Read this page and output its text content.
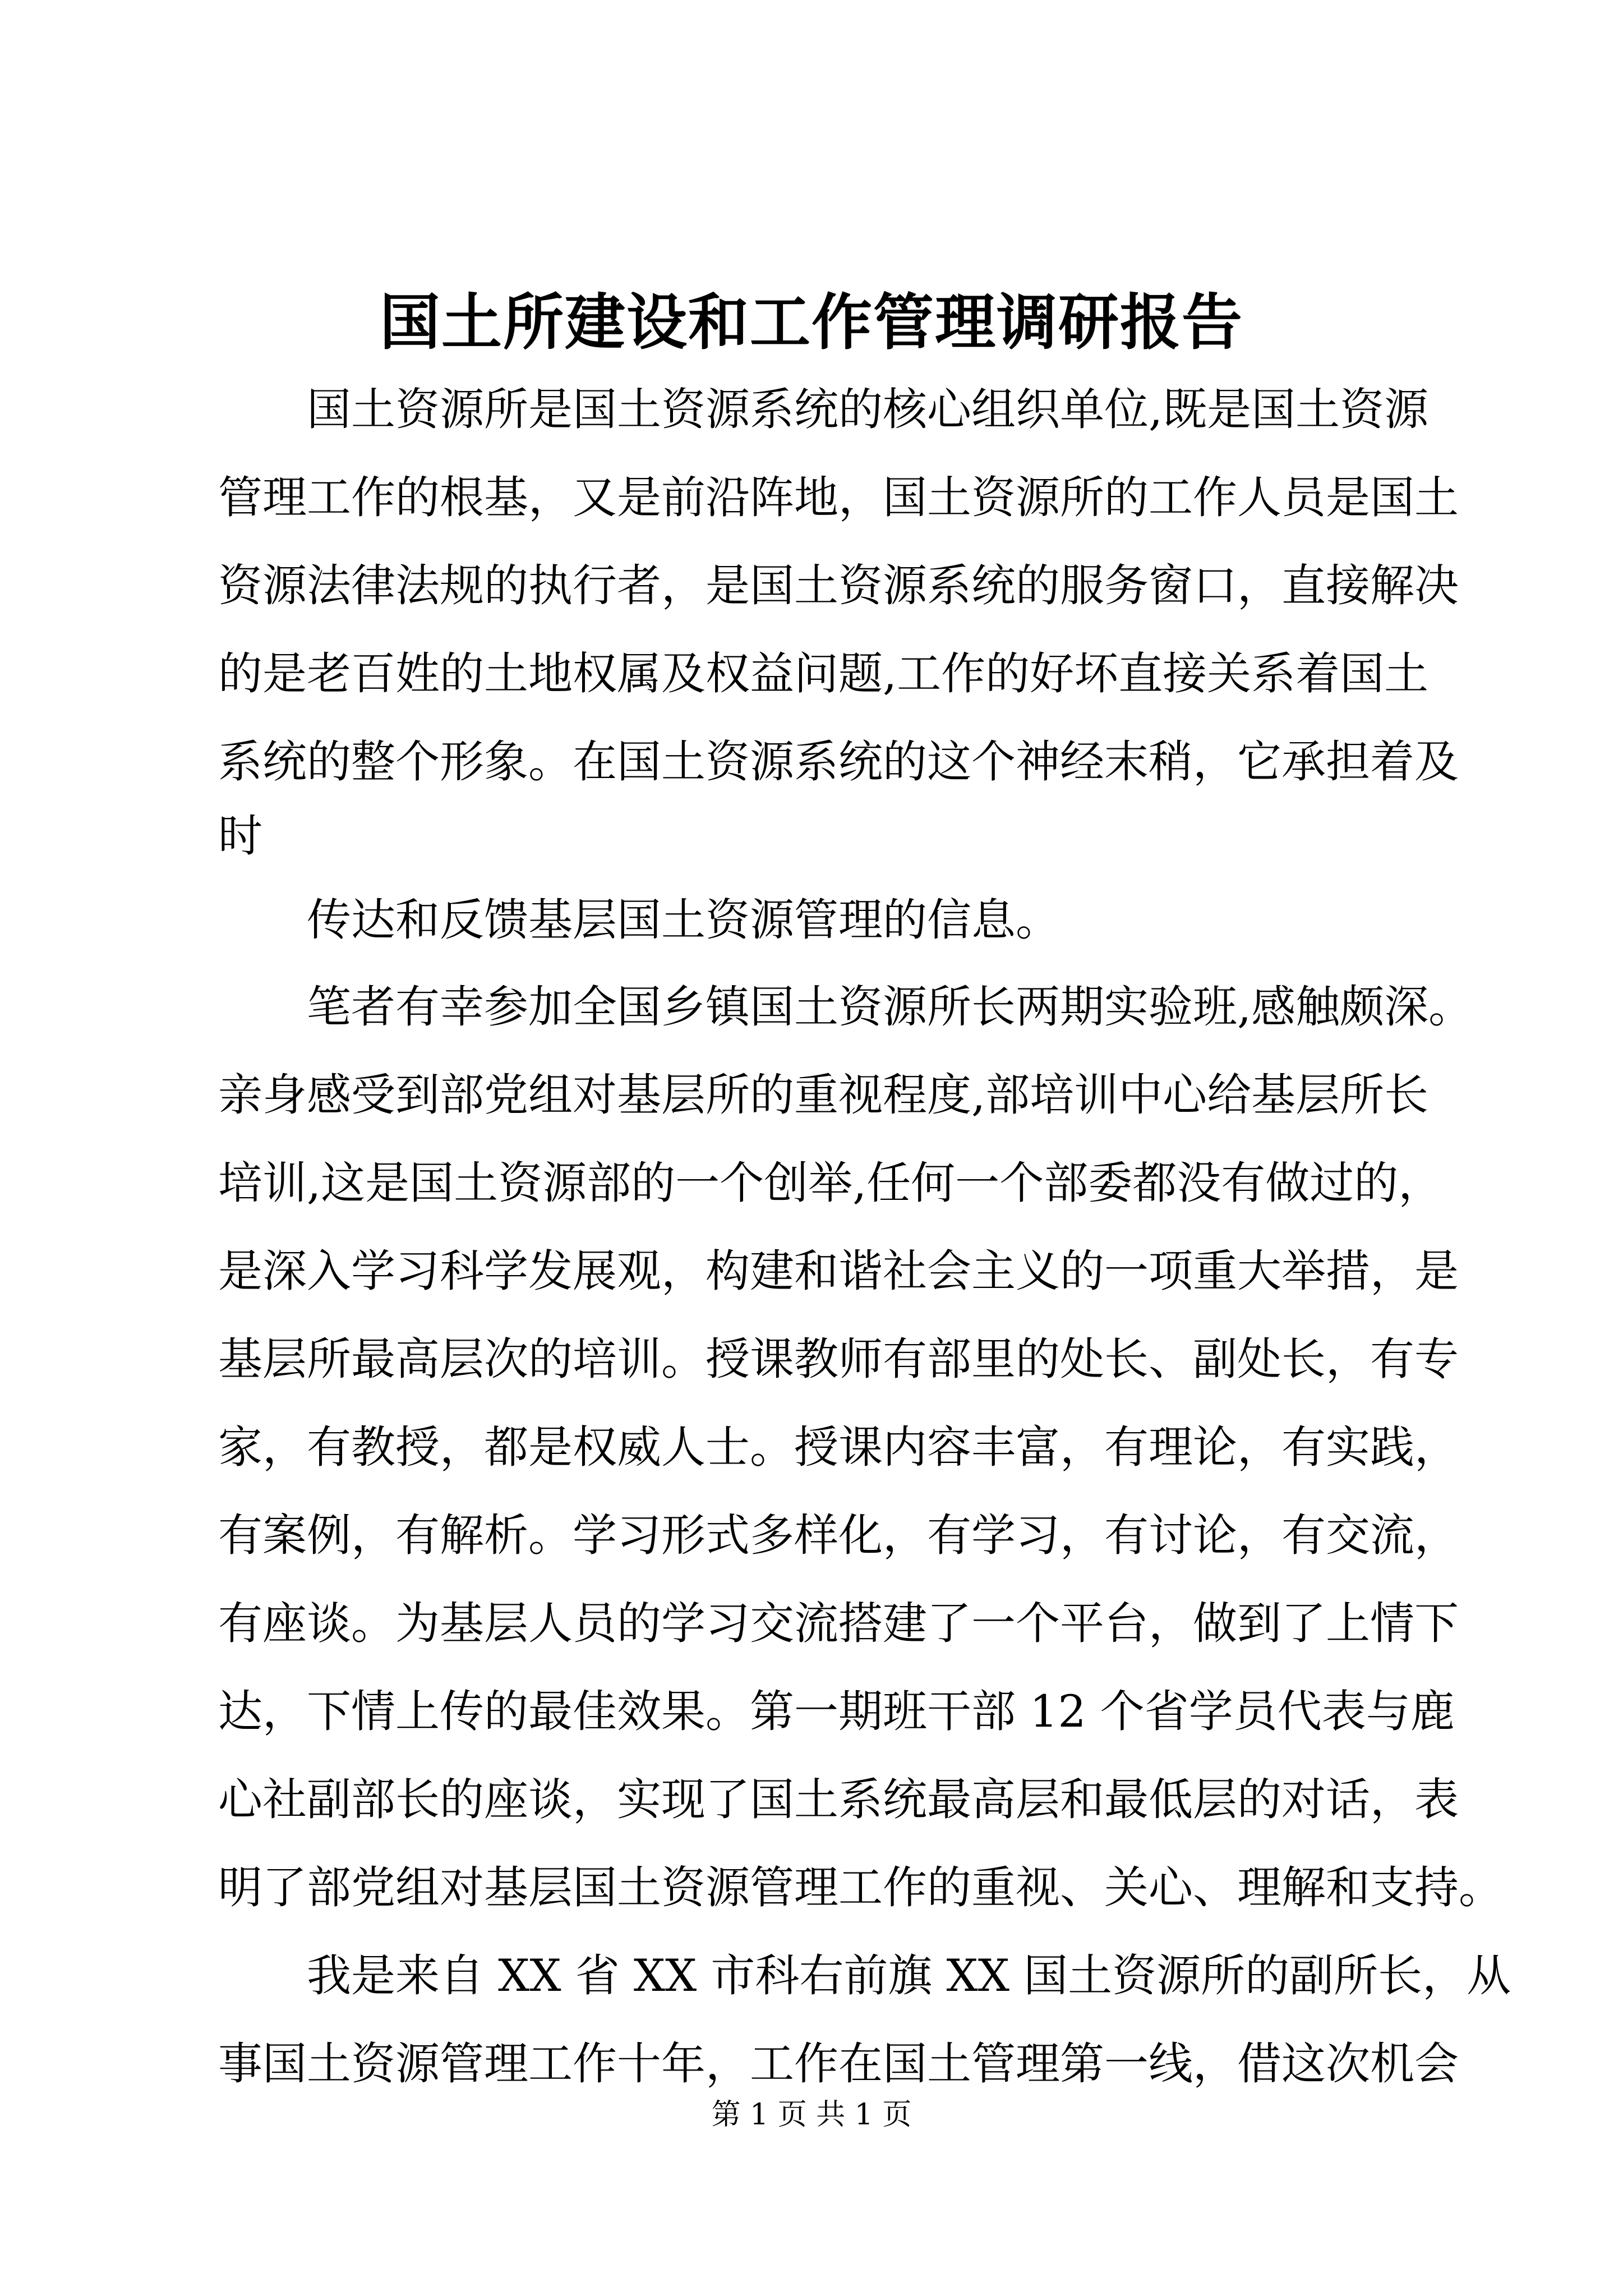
国土所建设和工作管理调研报告

国土资源所是国土资源系统的核心组织单位,既是国土资源

管理工作的根基，又是前沿阵地，国土资源所的工作人员是国土

资源法律法规的执行者，是国土资源系统的服务窗口，直接解决

的是老百姓的土地权属及权益问题,工作的好坏直接关系着国土

系统的整个形象。在国土资源系统的这个神经末稍，它承担着及

时

传达和反馈基层国土资源管理的信息。

笔者有幸参加全国乡镇国土资源所长两期实验班,感触颇深。

亲身感受到部党组对基层所的重视程度,部培训中心给基层所长

培训,这是国土资源部的一个创举,任何一个部委都没有做过的，

是深入学习科学发展观，构建和谐社会主义的一项重大举措，是

基层所最高层次的培训。授课教师有部里的处长、副处长，有专

家，有教授，都是权威人士。授课内容丰富，有理论，有实践，

有案例，有解析。学习形式多样化，有学习，有讨论，有交流，

有座谈。为基层人员的学习交流搭建了一个平台，做到了上情下

达，下情上传的最佳效果。第一期班干部 12 个省学员代表与鹿

心社副部长的座谈，实现了国土系统最高层和最低层的对话，表

明了部党组对基层国土资源管理工作的重视、关心、理解和支持。

我是来自 XX 省 XX 市科右前旗 XX 国土资源所的副所长，从

事国土资源管理工作十年，工作在国土管理第一线，借这次机会

第 1 页 共 1 页
